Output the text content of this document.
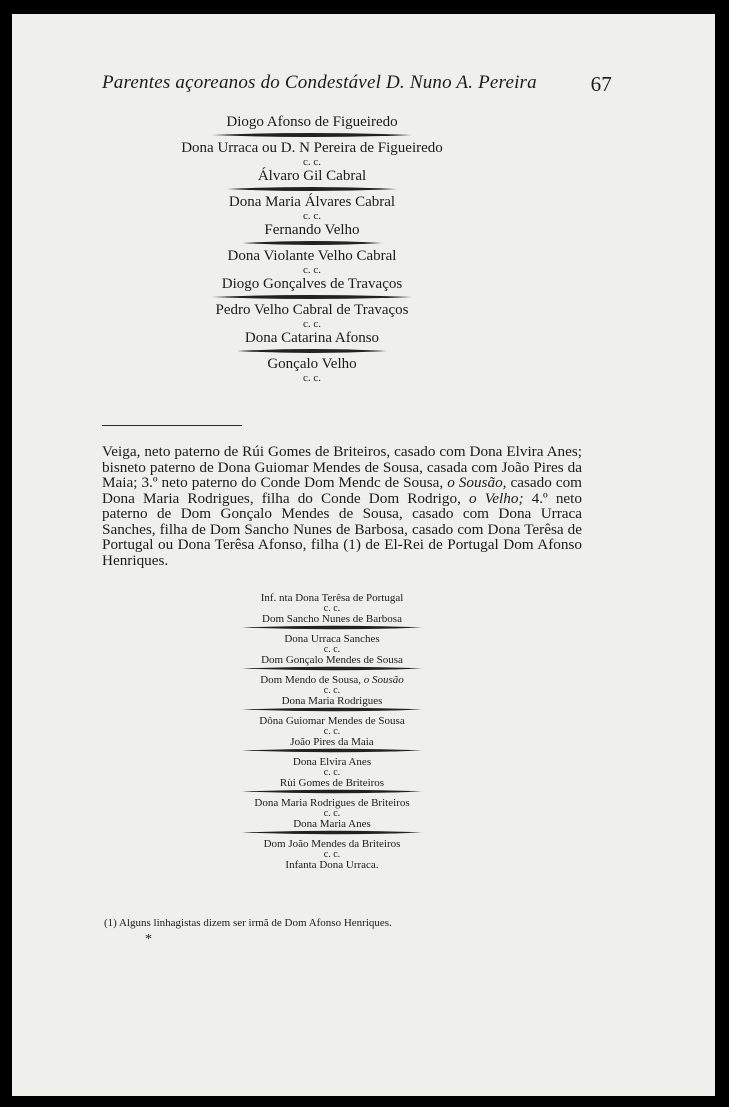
Parentes açoreanos do Condestável D. Nuno A. Pereira	67
Diogo Afonso de Figueiredo
Dona Urraca ou D. N Pereira de Figueiredo
c. c.
Álvaro Gil Cabral
Dona Maria Álvares Cabral
c. c.
Fernando Velho
Dona Violante Velho Cabral
c. c.
Diogo Gonçalves de Travaços
Pedro Velho Cabral de Travaços
c. c.
Dona Catarina Afonso
Gonçalo Velho
c. c.
Veiga, neto paterno de Rúi Gomes de Briteiros, casado com Dona Elvira Anes; bisneto paterno de Dona Guiomar Mendes de Sousa, casada com João Pires da Maia; 3.º neto paterno do Conde Dom Mendc de Sousa, o Sousão, casado com Dona Maria Rodrigues, filha do Conde Dom Rodrigo, o Velho; 4.º neto paterno de Dom Gonçalo Mendes de Sousa, casado com Dona Urraca Sanches, filha de Dom Sancho Nunes de Barbosa, casado com Dona Terêsa de Portugal ou Dona Terêsa Afonso, filha (1) de El-Rei de Portugal Dom Afonso Henriques.
Inf. nta Dona Terêsa de Portugal
c. c.
Dom Sancho Nunes de Barbosa
Dona Urraca Sanches
c. c.
Dom Gonçalo Mendes de Sousa
Dom Mendo de Sousa, o Sousão
c. c.
Dona Maria Rodrigues
Dôna Guiomar Mendes de Sousa
c. c.
João Pires da Maia
Dona Elvira Anes
c. c.
Rùi Gomes de Briteiros
Dona Maria Rodrigues de Briteiros
c. c.
Dona Maria Anes
Dom João Mendes da Briteiros
c. c.
Infanta Dona Urraca.
(1) Alguns linhagistas dizem ser irmã de Dom Afonso Henriques.
*
